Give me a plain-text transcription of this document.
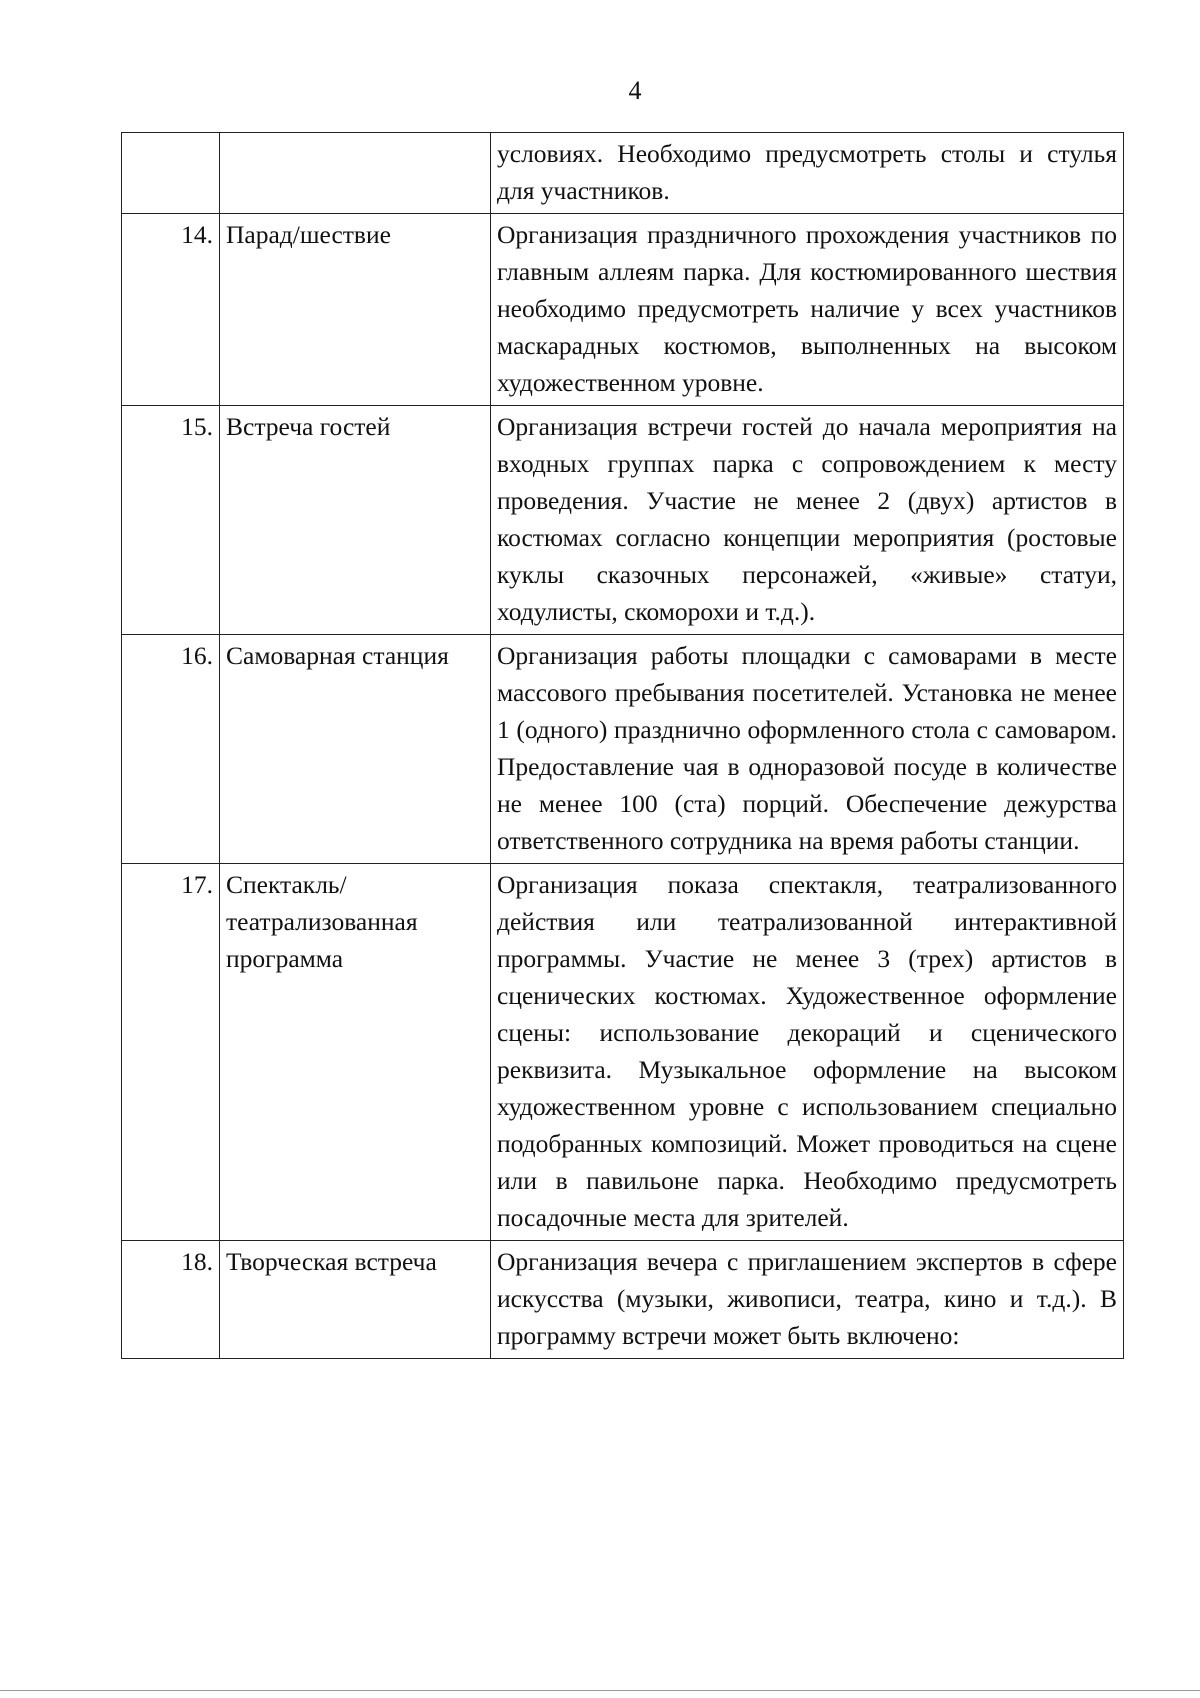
4
		условиях. Необходимо предусмотреть столы и стулья для участников.
14.	Парад/шествие	Организация праздничного прохождения участников по главным аллеям парка. Для костюмированного шествия необходимо предусмотреть наличие у всех участников маскарадных костюмов, выполненных на высоком художественном уровне.
15.	Встреча гостей	Организация встречи гостей до начала мероприятия на входных группах парка с сопровождением к месту проведения. Участие не менее 2 (двух) артистов в костюмах согласно концепции мероприятия (ростовые куклы сказочных персонажей, «живые» статуи, ходулисты, скоморохи и т.д.).
16.	Самоварная станция	Организация работы площадки с самоварами в месте массового пребывания посетителей. Установка не менее 1 (одного) празднично оформленного стола с самоваром. Предоставление чая в одноразовой посуде в количестве не менее 100 (ста) порций. Обеспечение дежурства ответственного сотрудника на время работы станции.
17.	Спектакль/ театрализованная программа	Организация показа спектакля, театрализованного действия или театрализованной интерактивной программы. Участие не менее 3 (трех) артистов в сценических костюмах. Художественное оформление сцены: использование декораций и сценического реквизита. Музыкальное оформление на высоком художественном уровне с использованием специально подобранных композиций. Может проводиться на сцене или в павильоне парка. Необходимо предусмотреть посадочные места для зрителей.
18.	Творческая встреча	Организация вечера с приглашением экспертов в сфере искусства (музыки, живописи, театра, кино и т.д.). В программу встречи может быть включено:
